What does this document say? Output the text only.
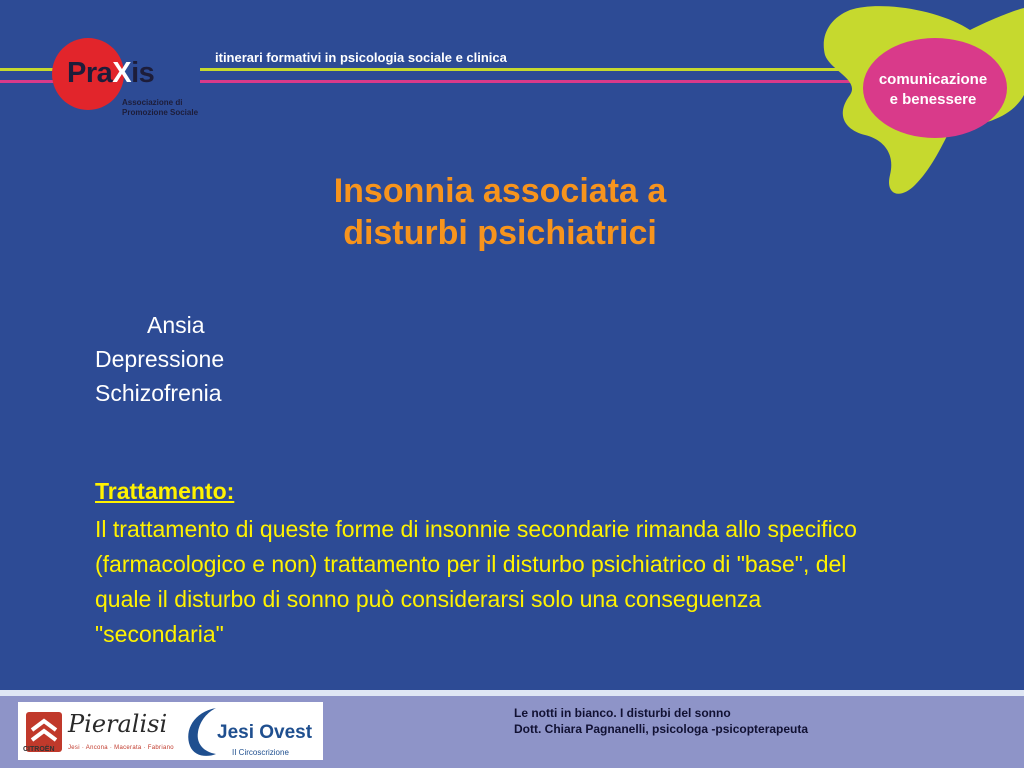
PraXis
Associazione di
Promozione Sociale
itinerari formativi in psicologia sociale e clinica
comunicazione
e benessere
Insonnia associata a
disturbi psichiatrici
Ansia
Depressione
Schizofrenia
Trattamento:
Il trattamento di queste forme di insonnie secondarie rimanda allo specifico (farmacologico e non) trattamento per il disturbo psichiatrico di "base", del quale il disturbo di sonno può considerarsi solo una conseguenza "secondaria"
CITROËN
Pieralisi
Jesi · Ancona · Macerata · Fabriano
Jesi Ovest
II Circoscrizione
Le notti in bianco. I disturbi del sonno
Dott. Chiara Pagnanelli, psicologa -psicopterapeuta
